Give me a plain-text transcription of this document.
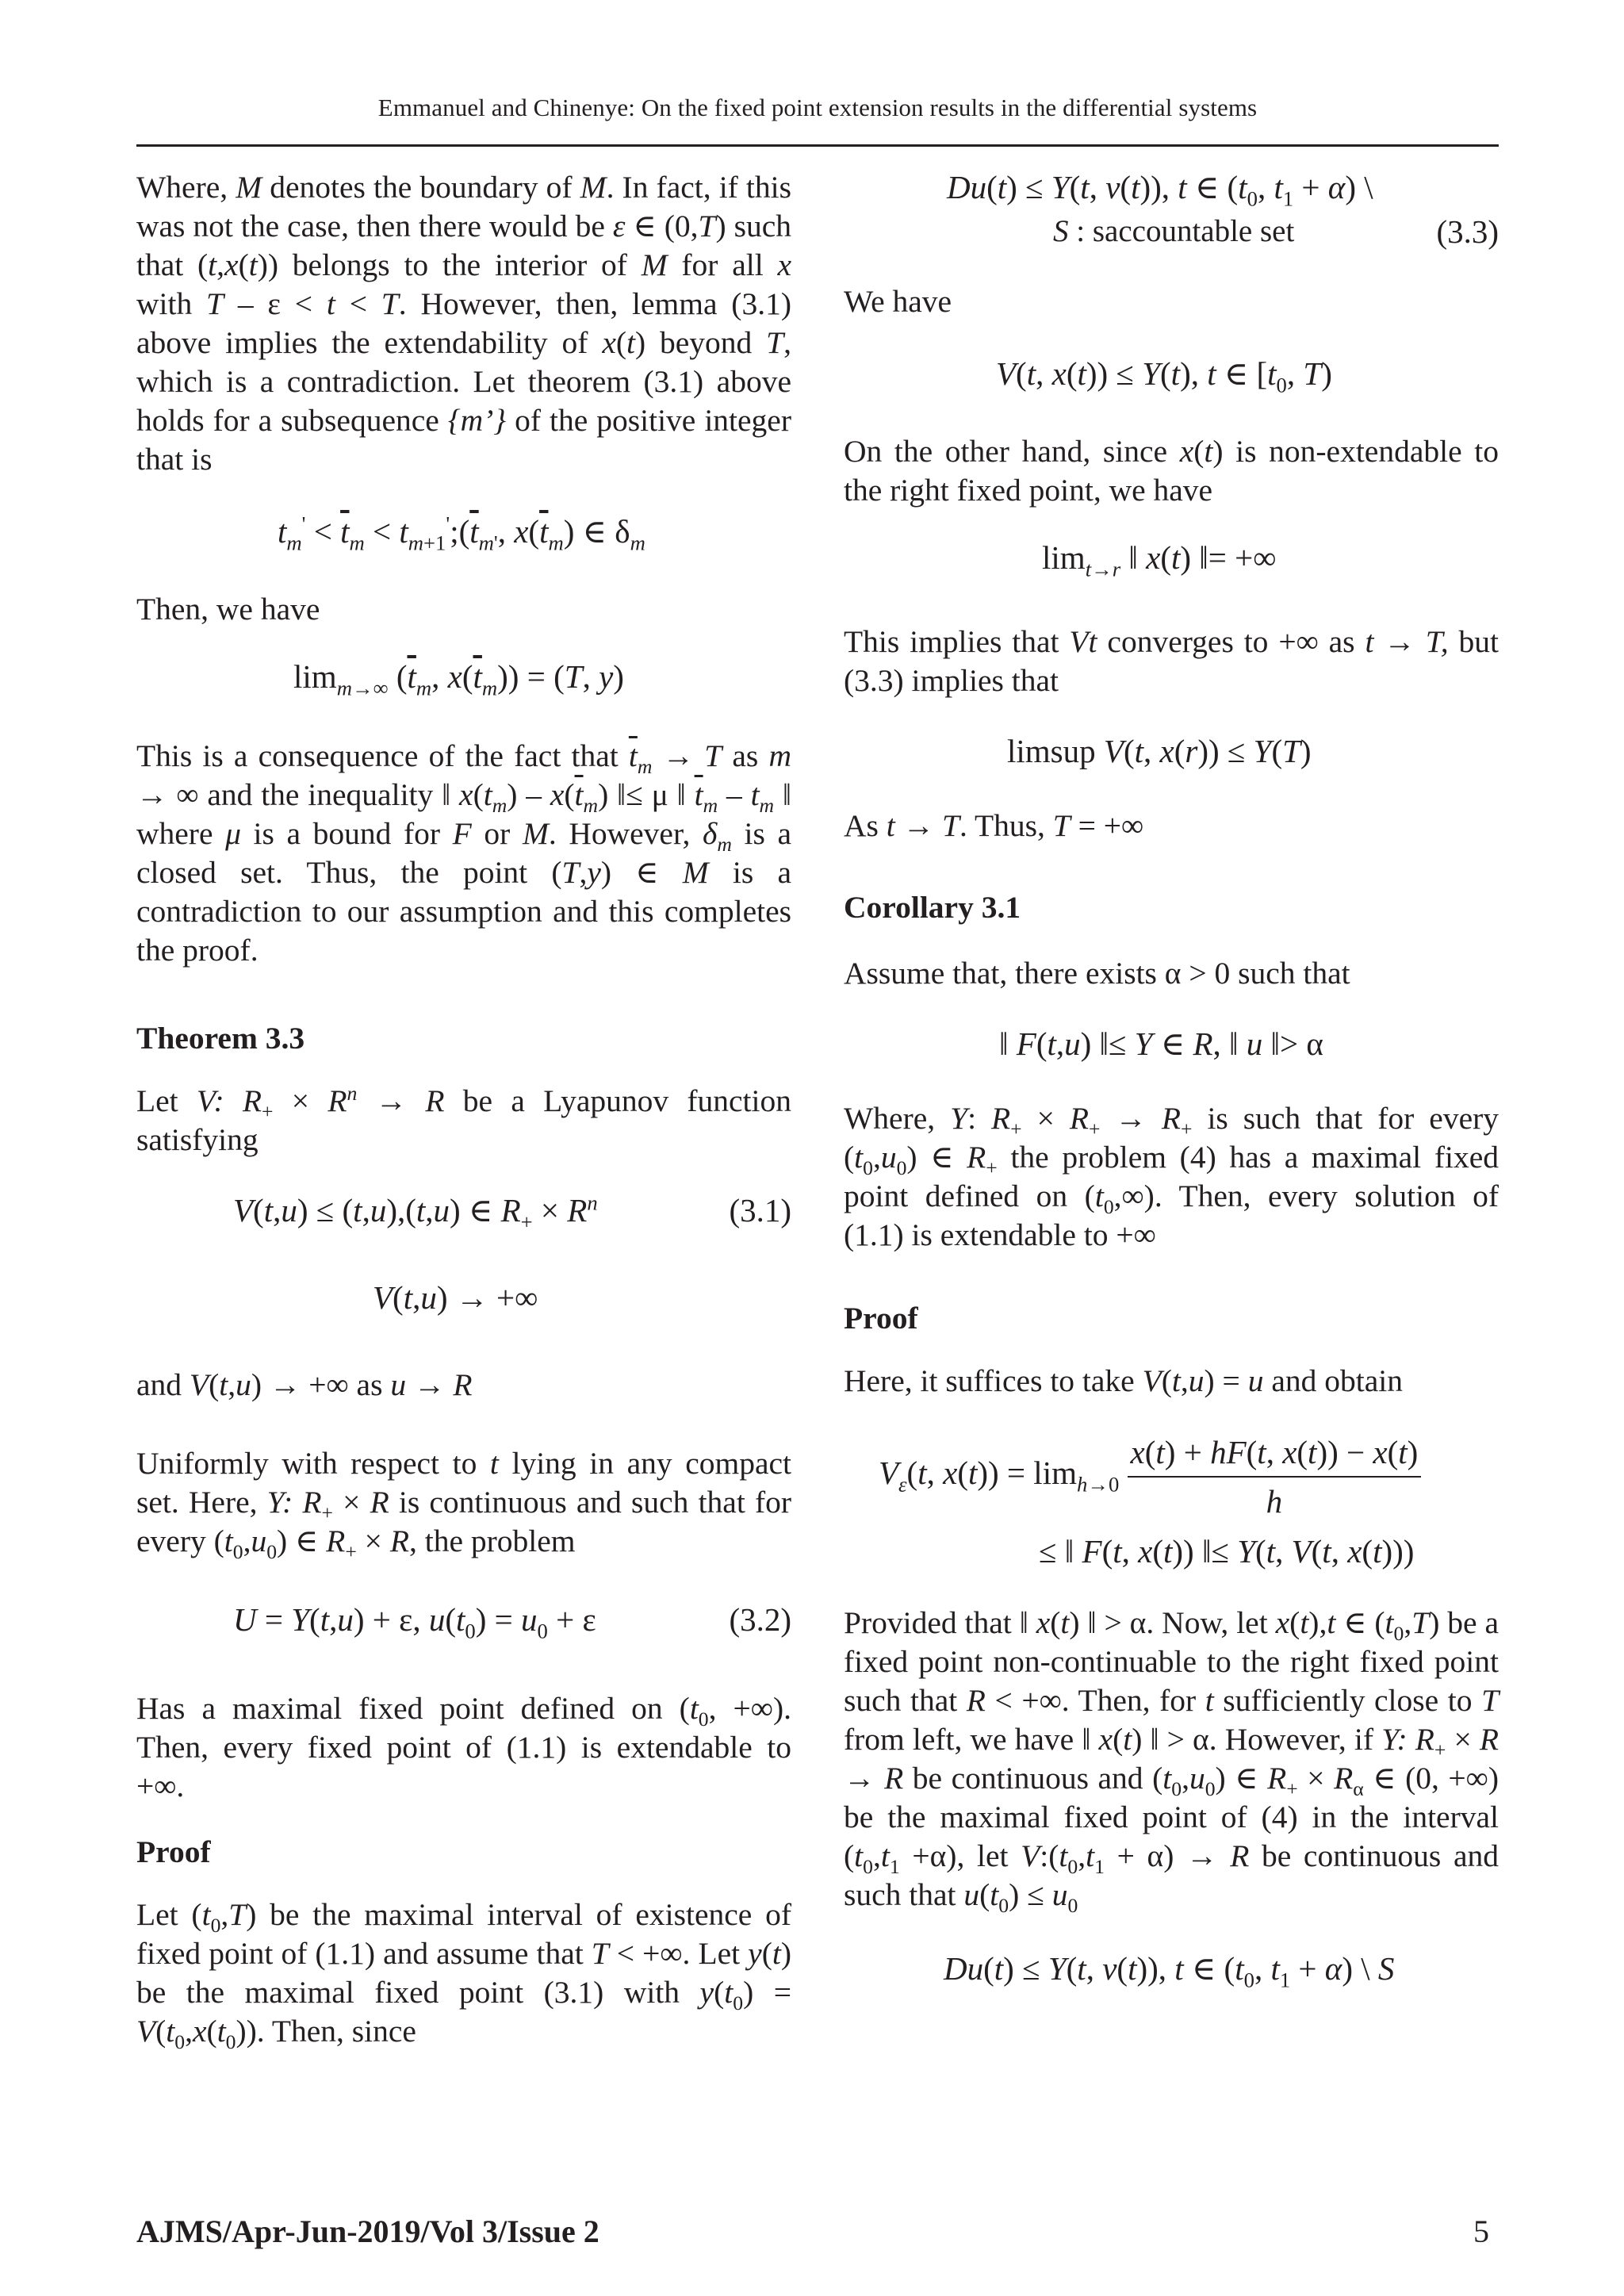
Emmanuel and Chinenye: On the fixed point extension results in the differential systems

Where, M denotes the boundary of M. In fact, if this was not the case, then there would be ε ∈ (0,T) such that (t,x(t)) belongs to the interior of M for all x with T – ε < t < T. However, then, lemma (3.1) above implies the extendability of x(t) beyond T, which is a contradiction. Let theorem (3.1) above holds for a subsequence {m’} of the positive integer that is

$t_m' < \overline{t}_m$ < $t_{m+1}';(\overline{t}_{m'}$, $x(\overline{t}_m)$ ∈ $\delta_m$

Then, we have

$\lim_{m\to\infty} (\overline{t}_m$, $x(\overline{t}_m)) = (T$, y)

This is a consequence of the fact that $\overline{t}_m \to T$ as m → ∞ and the inequality ‖ $x(t_m) - x(\overline{t}_m)$ ‖≤ μ ‖ $\overline{t}_m - t_m$ ‖ where μ is a bound for F or M. However, $\delta_m$ is a closed set. Thus, the point (T,y) ∈ M is a contradiction to our assumption and this completes the proof.

Theorem 3.3

Let V: $R_+ \times R^n \to R$ be a Lyapunov function satisfying

V(t,u) ≤ (t,u),(t,u) ∈ $R_+ \times R^n$	(3.1)
V(t,u) → +∞

and V(t,u) → +∞ as u → R

Uniformly with respect to t lying in any compact set. Here, Y: $R_+ \times R$ is continuous and such that for every $(t_0,u_0)$ ∈ $R_+ \times R$, the problem

U = Y(t,u) + ε, $u(t_0) = u_0 + \varepsilon$	(3.2)

Has a maximal fixed point defined on ($t_0$, +∞). Then, every fixed point of (1.1) is extendable to +∞.

Proof

Let $(t_0,T)$ be the maximal interval of existence of fixed point of (1.1) and assume that T < +∞. Let y(t) be the maximal fixed point (3.1) with $y(t_0) = V(t_0,x(t_0))$. Then, since

Du(t) ≤ Y(t, v(t)), t ∈ ($t_0$, $t_1 + \alpha$) \
S : saccountable set	(3.3)

We have

V(t, x(t)) ≤ Y(t), t ∈ [$t_0$, T)

On the other hand, since x(t) is non-extendable to the right fixed point, we have

$\lim_{t\to r}$ ‖ x(t) ‖= +∞

This implies that Vt converges to +∞ as t → T, but (3.3) implies that

limsup V(t, x(r)) ≤ Y(T)

As t → T. Thus, T = +∞

Corollary 3.1

Assume that, there exists α > 0 such that

‖ F(t,u) ‖≤ Y ∈ R, ‖ u ‖> α

Where, Y: $R_+ \times R_+ \to R_+$ is such that for every $(t_0,u_0)$ ∈ $R_+$ the problem (4) has a maximal fixed point defined on $(t_0,\infty)$. Then, every solution of (1.1) is extendable to +∞

Proof

Here, it suffices to take V(t,u) = u and obtain

$V_\varepsilon(t$, $x(t)) = \lim_{h\to 0} \frac{x(t) + hF(t, x(t)) - x(t)}{h}$
≤ ‖ F(t, x(t)) ‖≤ Y(t, V(t, x(t)))

Provided that ‖ x(t) ‖ > α. Now, let x(t),t ∈ $(t_0,T)$ be a fixed point non-continuable to the right fixed point such that R < +∞. Then, for t sufficiently close to T from left, we have ‖ x(t) ‖ > α. However, if Y: $R_+ \times R \to R$ be continuous and $(t_0,u_0)$ ∈ $R_+ \times R_\alpha$ ∈ (0, +∞) be the maximal fixed point of (4) in the interval $(t_0,t_1 +\alpha)$, let $V:(t_0,t_1 + \alpha) \to R$ be continuous and such that $u(t_0) \le u_0$

Du(t) ≤ Y(t, v(t)), t ∈ ($t_0$, $t_1 + \alpha$) \ S
AJMS/Apr-Jun-2019/Vol 3/Issue 2	5
